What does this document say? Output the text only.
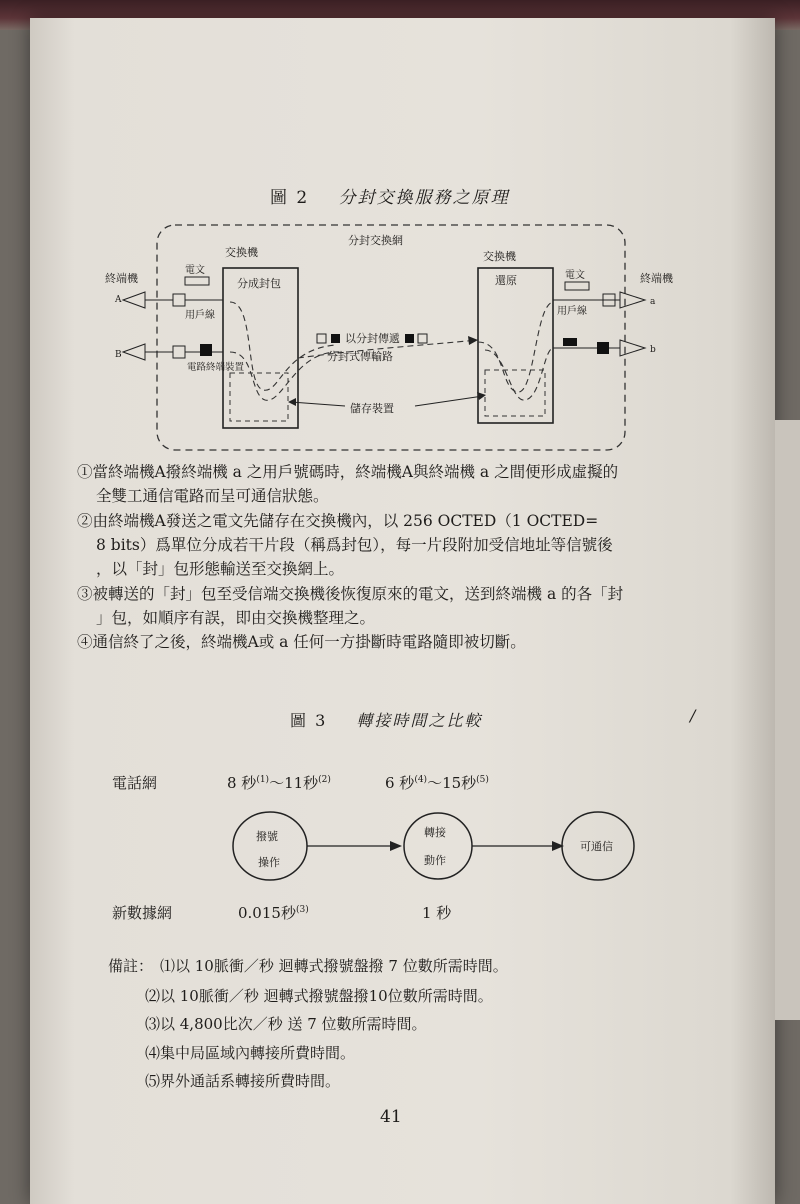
圖 2 分封交換服務之原理
分封交換網
交換機
分成封包
交換機
還原
終端機
A
電文
用戶線
B
電路終端裝置
以分封傳遞
分封式傳輸路
終端機
電文
用戶線
a
b
儲存裝置
①當終端機A撥終端機 a 之用戶號碼時，終端機A與終端機 a 之間便形成虛擬的
全雙工通信電路而呈可通信狀態。
②由終端機A發送之電文先儲存在交換機內，以 256 OCTED（1 OCTED=
8 bits）爲單位分成若干片段（稱爲封包），每一片段附加受信地址等信號後
，以「封」包形態輸送至交換網上。
③被轉送的「封」包至受信端交換機後恢復原來的電文，送到終端機 a 的各「封
」包，如順序有誤，即由交換機整理之。
④通信終了之後，終端機A或 a 任何一方掛斷時電路隨即被切斷。
圖 3 轉接時間之比較	/
電話網	8 秒$^{(1)}$～11秒$^{(2)}$	6 秒$^{(4)}$～15秒$^{(5)}$
撥號
操作
轉接
動作
可通信
新數據網	0.015秒$^{(3)}$	1 秒
備註： ⑴以 10脈衝／秒 迴轉式撥號盤撥 7 位數所需時間。
⑵以 10脈衝／秒 迴轉式撥號盤撥10位數所需時間。
⑶以 4,800比次／秒 送 7 位數所需時間。
⑷集中局區域內轉接所費時間。
⑸界外通話系轉接所費時間。
41
